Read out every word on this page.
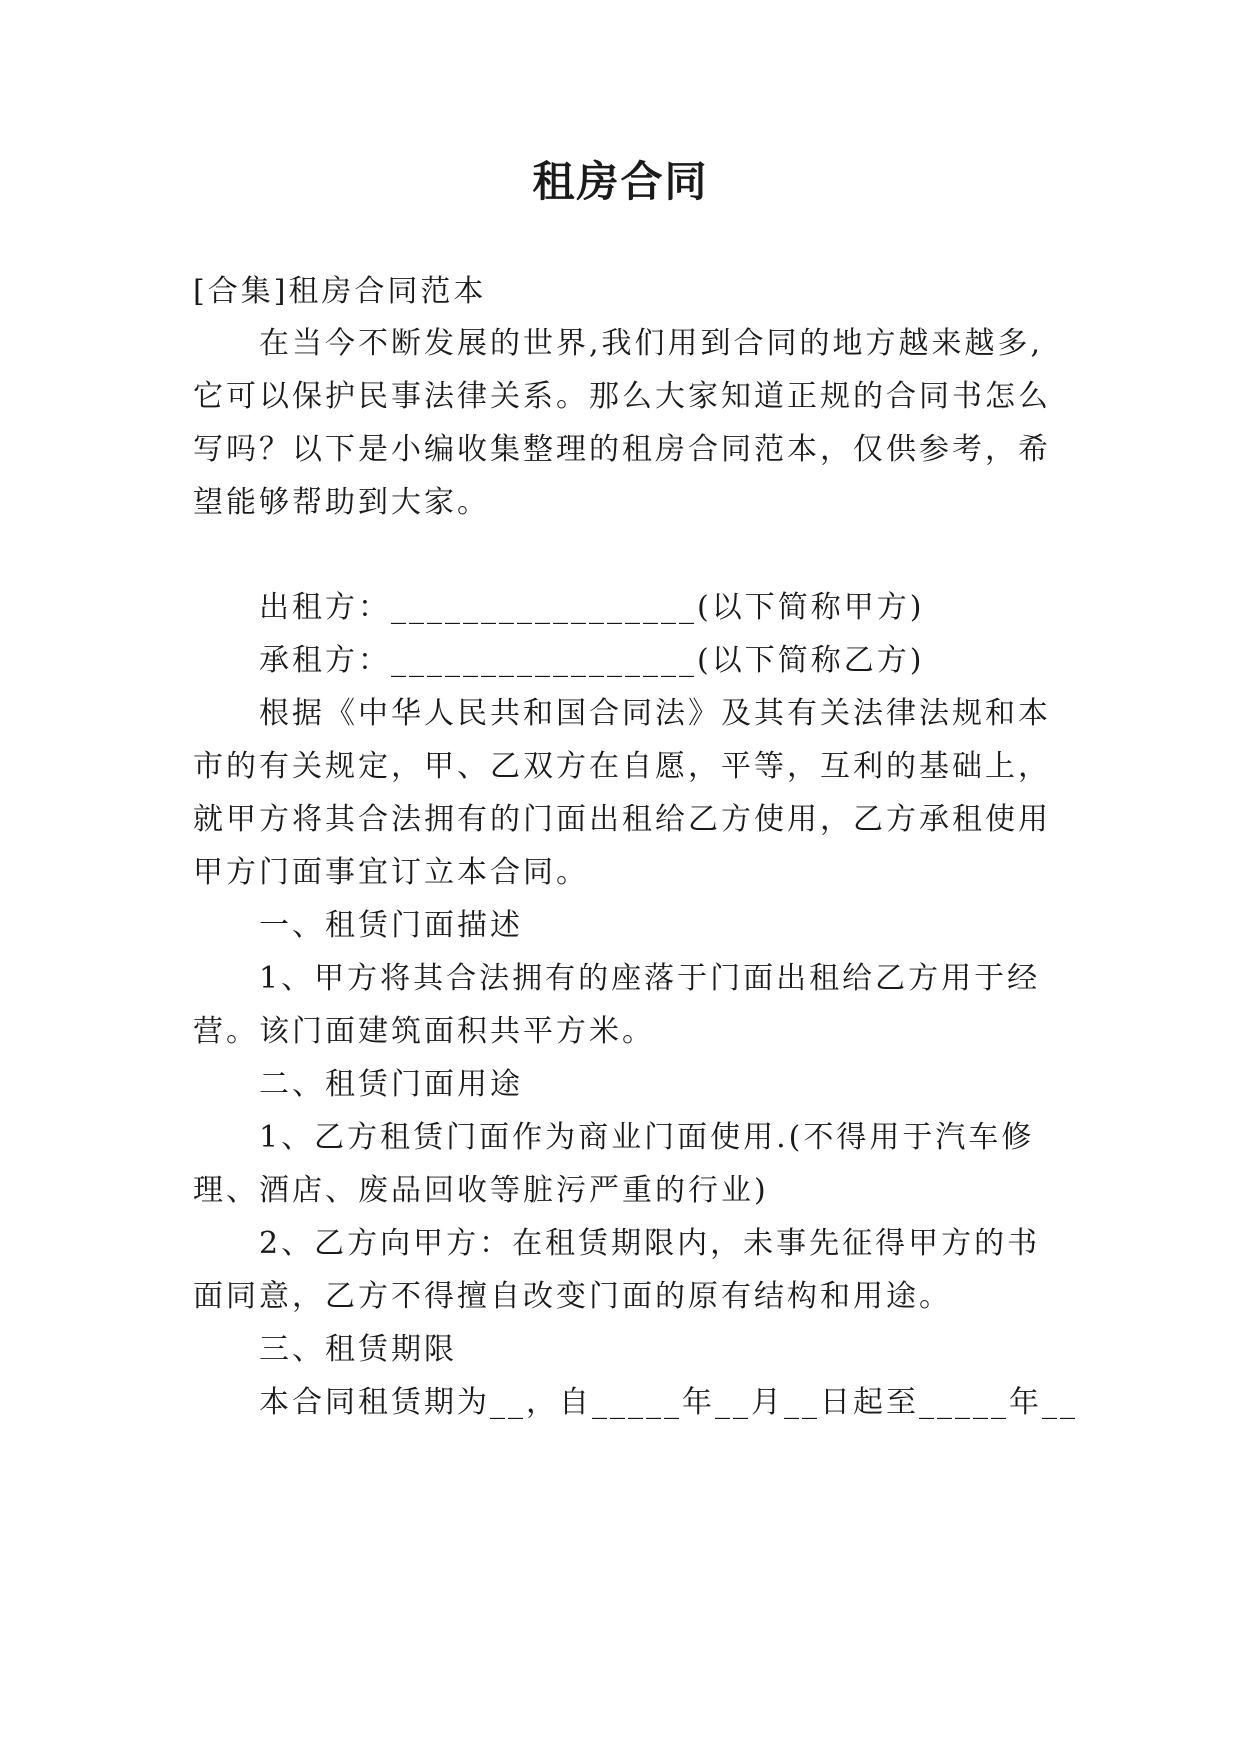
租房合同

[合集]租房合同范本

在当今不断发展的世界,我们用到合同的地方越来越多,

它可以保护民事法律关系。那么大家知道正规的合同书怎么

写吗？以下是小编收集整理的租房合同范本，仅供参考，希

望能够帮助到大家。

出租方：_________________(以下简称甲方)

承租方：_________________(以下简称乙方)

根据《中华人民共和国合同法》及其有关法律法规和本

市的有关规定，甲、乙双方在自愿，平等，互利的基础上，

就甲方将其合法拥有的门面出租给乙方使用，乙方承租使用

甲方门面事宜订立本合同。

一、租赁门面描述

1、甲方将其合法拥有的座落于门面出租给乙方用于经

营。该门面建筑面积共平方米。

二、租赁门面用途

1、乙方租赁门面作为商业门面使用.(不得用于汽车修

理、酒店、废品回收等脏污严重的行业)

2、乙方向甲方：在租赁期限内，未事先征得甲方的书

面同意，乙方不得擅自改变门面的原有结构和用途。

三、租赁期限

本合同租赁期为__，自_____年__月__日起至_____年__
